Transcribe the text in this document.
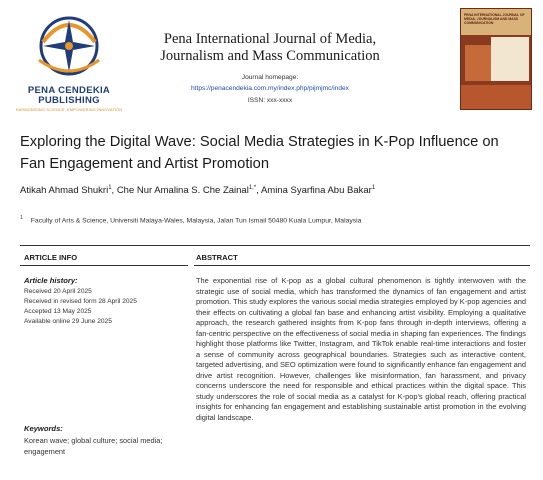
PENA CENDEKIA
PUBLISHING
HARMONISING SCIENCE, EMPOWERING INNOVATION
Pena International Journal of Media,
Journalism and Mass Communication
Journal homepage:
https://penacendekia.com.my/index.php/pijmjmc/index
ISSN: xxx-xxxx
PENA INTERNATIONAL JOURNAL OF MEDIA, JOURNALISM AND MASS COMMUNICATION
Exploring the Digital Wave: Social Media Strategies in K-Pop Influence on
Fan Engagement and Artist Promotion
Atikah Ahmad Shukri$^1$, Che Nur Amalina S. Che Zainal$^{1,*}$, Amina Syarfina Abu Bakar$^1$
$^1$ Faculty of Arts & Science, Universiti Malaya-Wales, Malaysia, Jalan Tun Ismail 50480 Kuala Lumpur, Malaysia
ARTICLE INFO	ABSTRACT
Article history:
Received 20 April 2025
Received in revised form 28 April 2025
Accepted 13 May 2025
Available online 29 June 2025
Keywords:
Korean wave; global culture; social media; engagement
The exponential rise of K-pop as a global cultural phenomenon is tightly interwoven with the strategic use of social media, which has transformed the dynamics of fan engagement and artist promotion. This study explores the various social media strategies employed by K-pop agencies and their effects on cultivating a global fan base and enhancing artist visibility. Employing a qualitative approach, the research gathered insights from K-pop fans through in-depth interviews, offering a fan-centric perspective on the effectiveness of social media in shaping fan experiences. The findings highlight those platforms like Twitter, Instagram, and TikTok enable real-time interactions and foster a sense of community across geographical boundaries. Strategies such as interactive content, targeted advertising, and SEO optimization were found to significantly enhance fan engagement and drive artist recognition. However, challenges like misinformation, fan harassment, and privacy concerns underscore the need for responsible and ethical practices within the digital space. This study underscores the role of social media as a catalyst for K-pop's global reach, offering practical insights for enhancing fan engagement and establishing sustainable artist promotion in the evolving digital landscape.
